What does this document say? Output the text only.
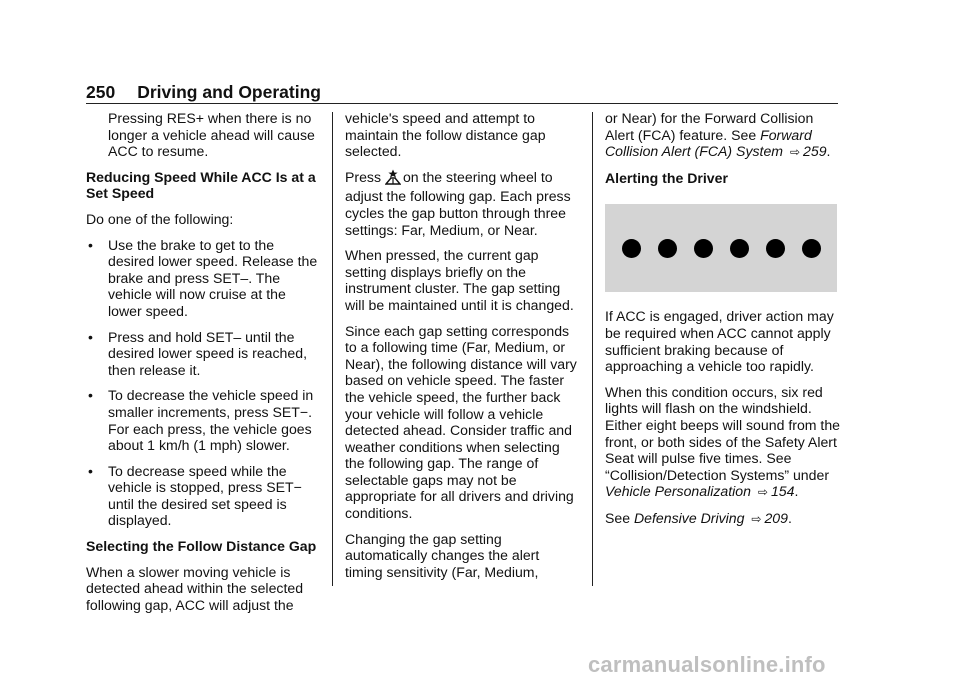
250 Driving and Operating

Pressing RES+ when there is no longer a vehicle ahead will cause ACC to resume.

Reducing Speed While ACC Is at a Set Speed

Do one of the following:

• Use the brake to get to the desired lower speed. Release the brake and press SET–. The vehicle will now cruise at the lower speed.

• Press and hold SET– until the desired lower speed is reached, then release it.

• To decrease the vehicle speed in smaller increments, press SET−. For each press, the vehicle goes about 1 km/h (1 mph) slower.

• To decrease speed while the vehicle is stopped, press SET− until the desired set speed is displayed.

Selecting the Follow Distance Gap

When a slower moving vehicle is detected ahead within the selected following gap, ACC will adjust the

vehicle's speed and attempt to maintain the follow distance gap selected.

Press on the steering wheel to adjust the following gap. Each press cycles the gap button through three settings: Far, Medium, or Near.

When pressed, the current gap setting displays briefly on the instrument cluster. The gap setting will be maintained until it is changed.

Since each gap setting corresponds to a following time (Far, Medium, or Near), the following distance will vary based on vehicle speed. The faster the vehicle speed, the further back your vehicle will follow a vehicle detected ahead. Consider traffic and weather conditions when selecting the following gap. The range of selectable gaps may not be appropriate for all drivers and driving conditions.

Changing the gap setting automatically changes the alert timing sensitivity (Far, Medium,

or Near) for the Forward Collision Alert (FCA) feature. See Forward Collision Alert (FCA) System ⇨ 259.

Alerting the Driver

If ACC is engaged, driver action may be required when ACC cannot apply sufficient braking because of approaching a vehicle too rapidly.

When this condition occurs, six red lights will flash on the windshield. Either eight beeps will sound from the front, or both sides of the Safety Alert Seat will pulse five times. See “Collision/Detection Systems” under Vehicle Personalization ⇨ 154.

See Defensive Driving ⇨ 209.

carmanualsonline.info
